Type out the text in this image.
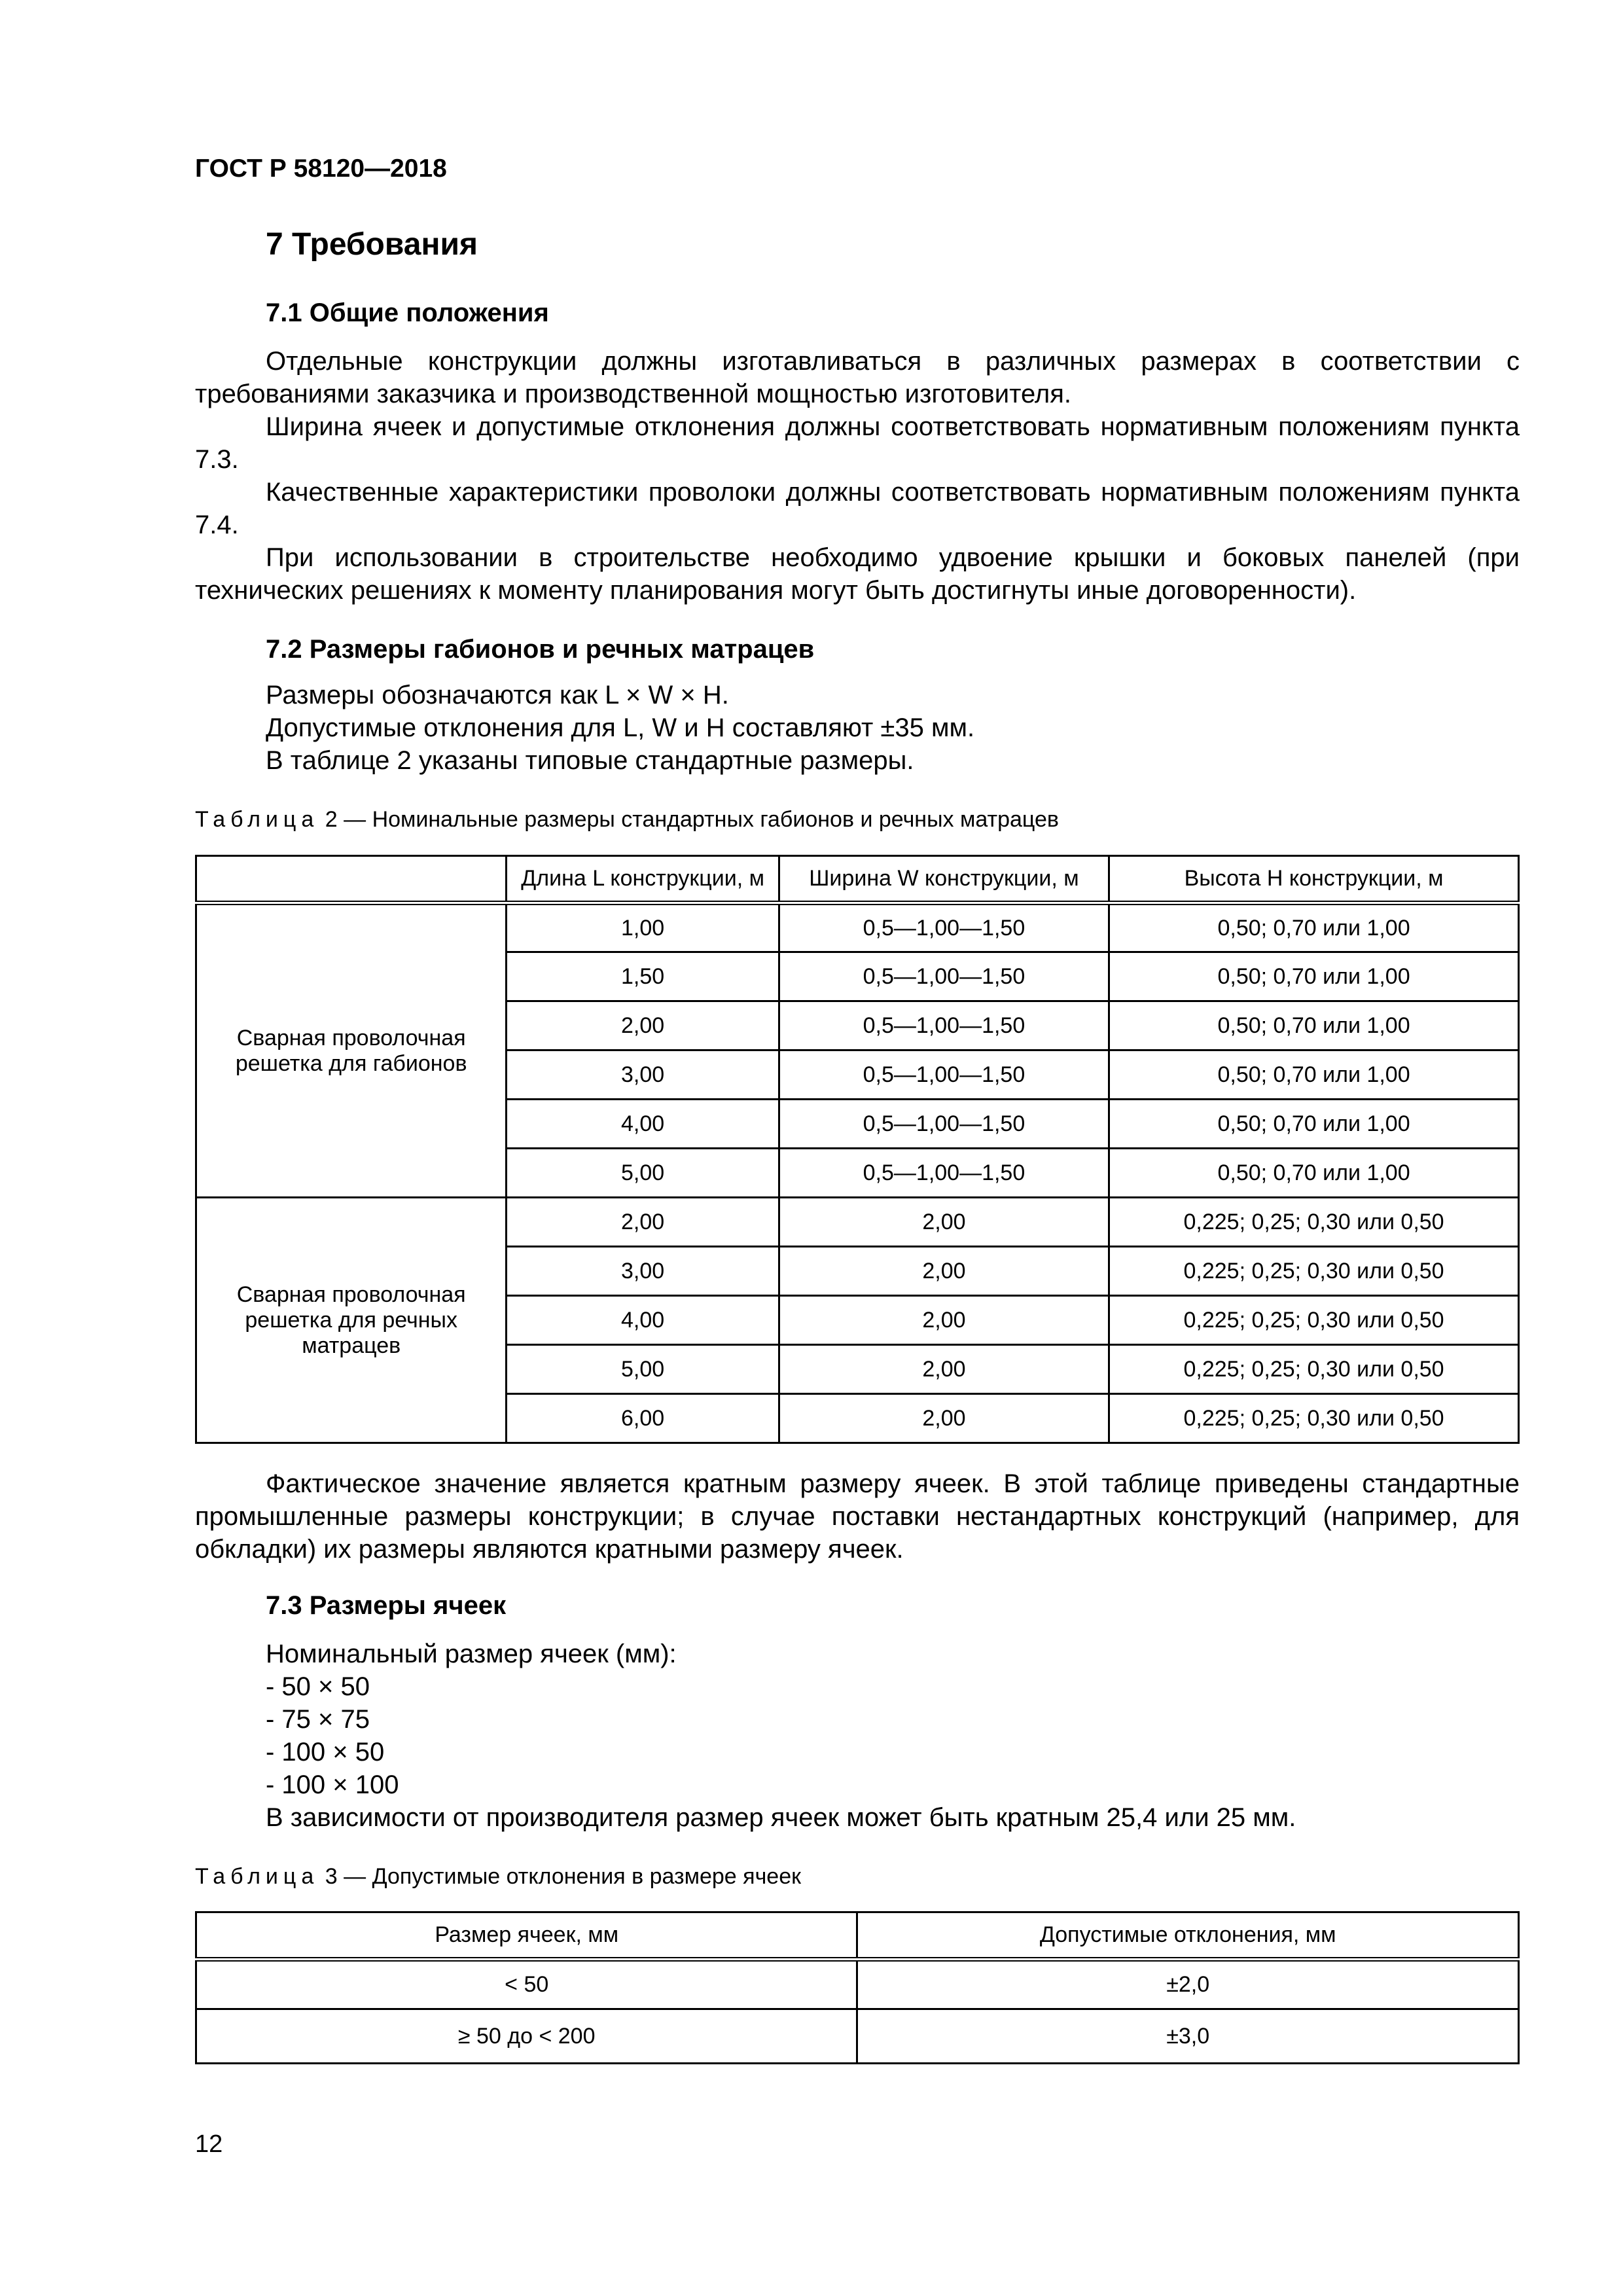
ГОСТ Р 58120—2018
7 Требования
7.1 Общие положения

Отдельные конструкции должны изготавливаться в различных размерах в соответствии с требованиями заказчика и производственной мощностью изготовителя.

Ширина ячеек и допустимые отклонения должны соответствовать нормативным положениям пункта 7.3.

Качественные характеристики проволоки должны соответствовать нормативным положениям пункта 7.4.

При использовании в строительстве необходимо удвоение крышки и боковых панелей (при технических решениях к моменту планирования могут быть достигнуты иные договоренности).

7.2 Размеры габионов и речных матрацев
Размеры обозначаются как L × W × H.
Допустимые отклонения для L, W и H составляют ±35 мм.
В таблице 2 указаны типовые стандартные размеры.
Таблица 2 — Номинальные размеры стандартных габионов и речных матрацев
	Длина L конструкции, м	Ширина W конструкции, м	Высота H конструкции, м
Сварная проволочная решетка для габионов	1,00	0,5—1,00—1,50	0,50; 0,70 или 1,00
	1,50	0,5—1,00—1,50	0,50; 0,70 или 1,00
	2,00	0,5—1,00—1,50	0,50; 0,70 или 1,00
	3,00	0,5—1,00—1,50	0,50; 0,70 или 1,00
	4,00	0,5—1,00—1,50	0,50; 0,70 или 1,00
	5,00	0,5—1,00—1,50	0,50; 0,70 или 1,00
Сварная проволочная решетка для речных матрацев	2,00	2,00	0,225; 0,25; 0,30 или 0,50
	3,00	2,00	0,225; 0,25; 0,30 или 0,50
	4,00	2,00	0,225; 0,25; 0,30 или 0,50
	5,00	2,00	0,225; 0,25; 0,30 или 0,50
	6,00	2,00	0,225; 0,25; 0,30 или 0,50

Фактическое значение является кратным размеру ячеек. В этой таблице приведены стандартные промышленные размеры конструкции; в случае поставки нестандартных конструкций (например, для обкладки) их размеры являются кратными размеру ячеек.

7.3 Размеры ячеек
Номинальный размер ячеек (мм):
- 50 × 50
- 75 × 75
- 100 × 50
- 100 × 100
В зависимости от производителя размер ячеек может быть кратным 25,4 или 25 мм.
Таблица 3 — Допустимые отклонения в размере ячеек
Размер ячеек, мм	Допустимые отклонения, мм
< 50	±2,0
≥ 50 до < 200	±3,0
12
